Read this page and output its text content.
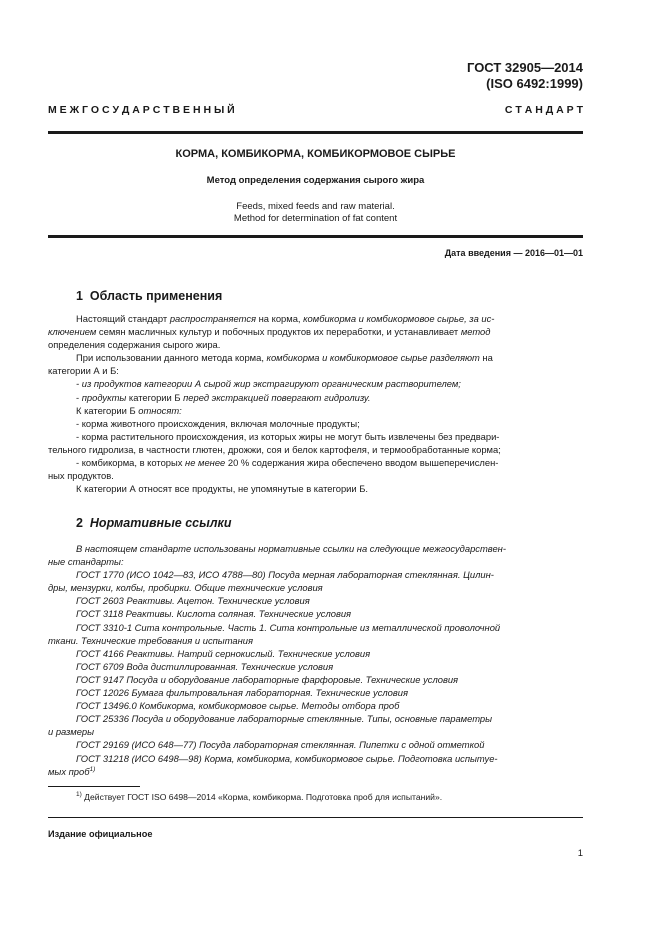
ГОСТ 32905—2014
(ISO 6492:1999)
М Е Ж Г О С У Д А Р С Т В Е Н Н Ы Й	С Т А Н Д А Р Т
КОРМА, КОМБИКОРМА, КОМБИКОРМОВОЕ СЫРЬЕ
Метод определения содержания сырого жира
Feeds, mixed feeds and raw material.
Method for determination of fat content
Дата введения — 2016—01—01
1 Область применения

Настоящий стандарт распространяется на корма, комбикорма и комбикормовое сырье, за ис-
ключением семян масличных культур и побочных продуктов их переработки, и устанавливает метод
определения содержания сырого жира.

При использовании данного метода корма, комбикорма и комбикормовое сырье разделяют на
категории А и Б:

- из продуктов категории А сырой жир экстрагируют органическим растворителем;

- продукты категории Б перед экстракцией повергают гидролизу.

К категории Б относят:

- корма животного происхождения, включая молочные продукты;

- корма растительного происхождения, из которых жиры не могут быть извлечены без предвари-
тельного гидролиза, в частности глютен, дрожжи, соя и белок картофеля, и термообработанные корма;

- комбикорма, в которых не менее 20 % содержания жира обеспечено вводом вышеперечислен-
ных продуктов.

К категории А относят все продукты, не упомянутые в категории Б.

2 Нормативные ссылки

В настоящем стандарте использованы нормативные ссылки на следующие межгосударствен-
ные стандарты:

ГОСТ 1770 (ИСО 1042—83, ИСО 4788—80) Посуда мерная лабораторная стеклянная. Цилин-
дры, мензурки, колбы, пробирки. Общие технические условия

ГОСТ 2603 Реактивы. Ацетон. Технические условия

ГОСТ 3118 Реактивы. Кислота соляная. Технические условия

ГОСТ 3310-1 Сита контрольные. Часть 1. Сита контрольные из металлической проволочной
ткани. Технические требования и испытания

ГОСТ 4166 Реактивы. Натрий сернокислый. Технические условия

ГОСТ 6709 Вода дистиллированная. Технические условия

ГОСТ 9147 Посуда и оборудование лабораторные фарфоровые. Технические условия

ГОСТ 12026 Бумага фильтровальная лабораторная. Технические условия

ГОСТ 13496.0 Комбикорма, комбикормовое сырье. Методы отбора проб

ГОСТ 25336 Посуда и оборудование лабораторные стеклянные. Типы, основные параметры
и размеры

ГОСТ 29169 (ИСО 648—77) Посуда лабораторная стеклянная. Пипетки с одной отметкой

ГОСТ 31218 (ИСО 6498—98) Корма, комбикорма, комбикормовое сырье. Подготовка испытуе-
мых проб$^{1)}$

$^{1)}$ Действует ГОСТ ISO 6498—2014 «Корма, комбикорма. Подготовка проб для испытаний».
Издание официальное
1
